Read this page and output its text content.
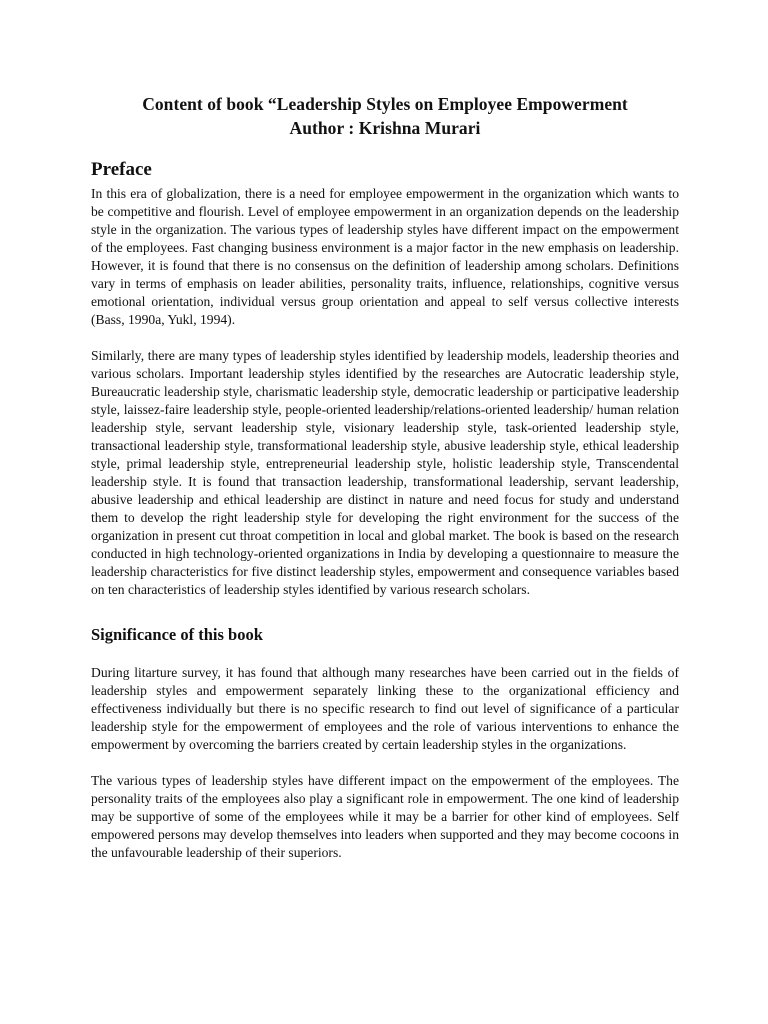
Content of book “Leadership Styles on Employee Empowerment
Author : Krishna Murari
Preface

In this era of globalization, there is a need for employee empowerment in the organization which wants to be competitive and flourish. Level of employee empowerment in an organization depends on the leadership style in the organization. The various types of leadership styles have different impact on the empowerment of the employees. Fast changing business environment is a major factor in the new emphasis on leadership. However, it is found that there is no consensus on the definition of leadership among scholars. Definitions vary in terms of emphasis on leader abilities, personality traits, influence, relationships, cognitive versus emotional orientation, individual versus group orientation and appeal to self versus collective interests (Bass, 1990a, Yukl, 1994).

Similarly, there are many types of leadership styles identified by leadership models, leadership theories and various scholars. Important leadership styles identified by the researches are Autocratic leadership style, Bureaucratic leadership style, charismatic leadership style, democratic leadership or participative leadership style, laissez-faire leadership style, people-oriented leadership/relations-oriented leadership/ human relation leadership style, servant leadership style, visionary leadership style, task-oriented leadership style, transactional leadership style, transformational leadership style, abusive leadership style, ethical leadership style, primal leadership style, entrepreneurial leadership style, holistic leadership style, Transcendental leadership style. It is found that transaction leadership, transformational leadership, servant leadership, abusive leadership and ethical leadership are distinct in nature and need focus for study and understand them to develop the right leadership style for developing the right environment for the success of the organization in present cut throat competition in local and global market. The book is based on the research conducted in high technology-oriented organizations in India by developing a questionnaire to measure the leadership characteristics for five distinct leadership styles, empowerment and consequence variables based on ten characteristics of leadership styles identified by various research scholars.

Significance of this book

During litarture survey, it has found that although many researches have been carried out in the fields of leadership styles and empowerment separately linking these to the organizational efficiency and effectiveness individually but there is no specific research to find out level of significance of a particular leadership style for the empowerment of employees and the role of various interventions to enhance the empowerment by overcoming the barriers created by certain leadership styles in the organizations.

The various types of leadership styles have different impact on the empowerment of the employees. The personality traits of the employees also play a significant role in empowerment. The one kind of leadership may be supportive of some of the employees while it may be a barrier for other kind of employees. Self empowered persons may develop themselves into leaders when supported and they may become cocoons in the unfavourable leadership of their superiors.
